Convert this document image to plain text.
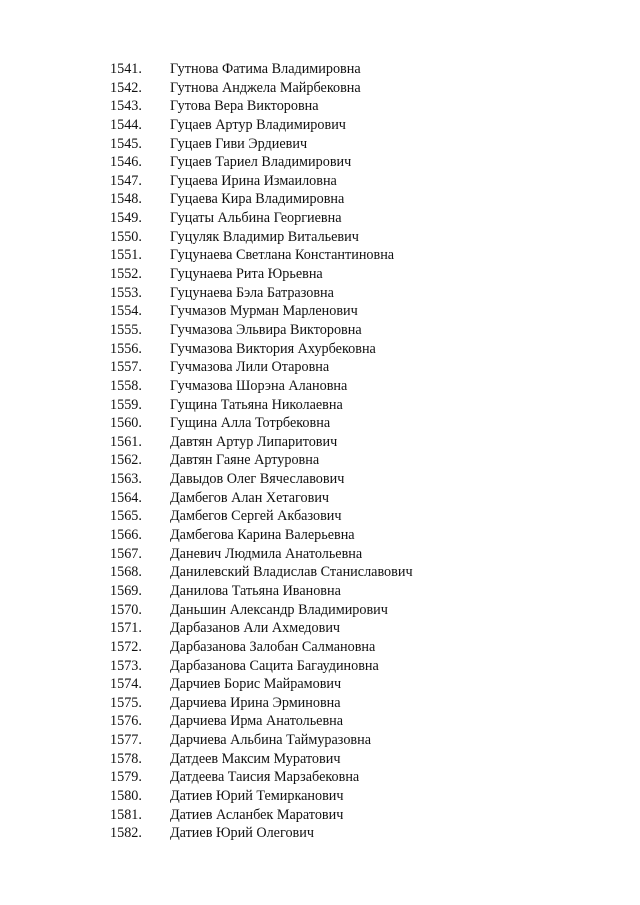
1541. Гутнова Фатима Владимировна
1542. Гутнова Анджела Майрбековна
1543. Гутова Вера Викторовна
1544. Гуцаев Артур Владимирович
1545. Гуцаев Гиви Эрдиевич
1546. Гуцаев Тариел Владимирович
1547. Гуцаева Ирина Измаиловна
1548. Гуцаева Кира Владимировна
1549. Гуцаты Альбина Георгиевна
1550. Гуцуляк Владимир Витальевич
1551. Гуцунаева Светлана Константиновна
1552. Гуцунаева Рита Юрьевна
1553. Гуцунаева Бэла Батразовна
1554. Гучмазов Мурман Марленович
1555. Гучмазова Эльвира Викторовна
1556. Гучмазова Виктория Ахурбековна
1557. Гучмазова Лили Отаровна
1558. Гучмазова Шорэна Алановна
1559. Гущина Татьяна Николаевна
1560. Гущина Алла Тотрбековна
1561. Давтян Артур Липаритович
1562. Давтян Гаяне Артуровна
1563. Давыдов Олег Вячеславович
1564. Дамбегов Алан Хетагович
1565. Дамбегов Сергей Акбазович
1566. Дамбегова Карина Валерьевна
1567. Даневич Людмила Анатольевна
1568. Данилевский Владислав Станиславович
1569. Данилова Татьяна Ивановна
1570. Даньшин Александр Владимирович
1571. Дарбазанов Али Ахмедович
1572. Дарбазанова Залобан Салмановна
1573. Дарбазанова Сацита Багаудиновна
1574. Дарчиев Борис Майрамович
1575. Дарчиева Ирина Эрминовна
1576. Дарчиева Ирма Анатольевна
1577. Дарчиева Альбина Таймуразовна
1578. Датдеев Максим Муратович
1579. Датдеева Таисия Марзабековна
1580. Датиев Юрий Темирканович
1581. Датиев Асланбек Маратович
1582. Датиев Юрий Олегович
